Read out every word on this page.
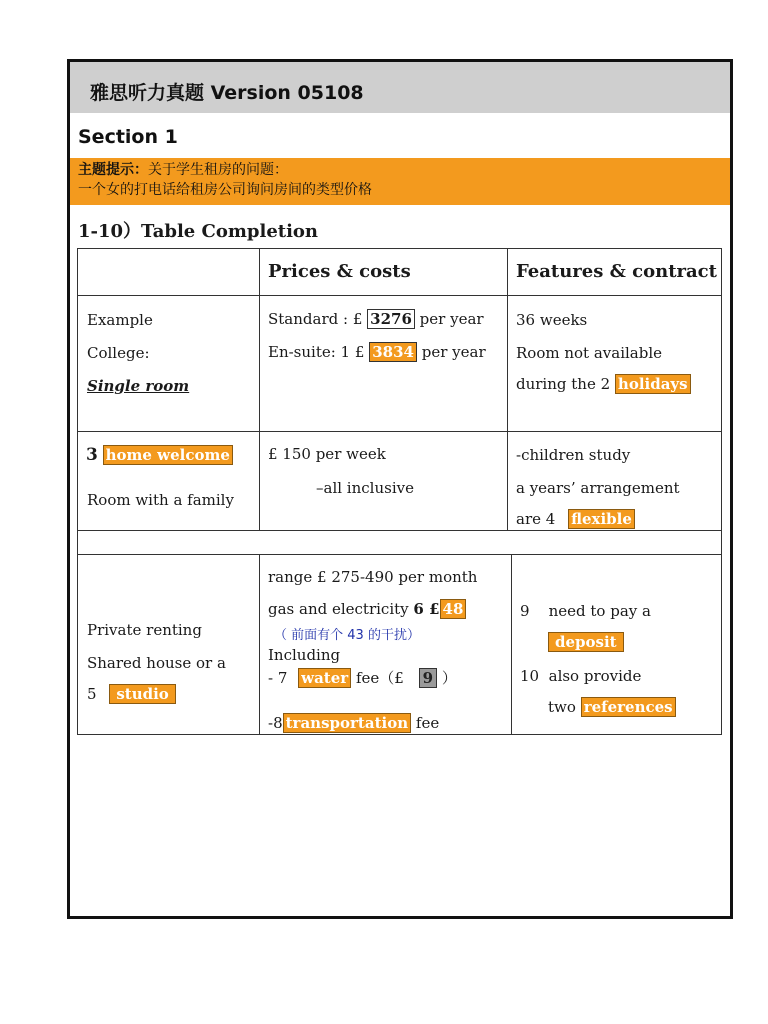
雅思听力真题 Version 05108
Section 1
主题提示：关于学生租房的问题：
一个女的打电话给租房公司询问房间的类型价格
1-10）Table Completion
Prices & costs	Features & contract
Example
College:
Single room
Standard : £ 3276 per year
En-suite: 1 £ 3834 per year
36 weeks
Room not available
during the 2 holidays
3 home welcome
Room with a family
£ 150 per week
–all inclusive
-children study
a years’ arrangement
are 4 flexible
Private renting
Shared house or a
5 studio
range £ 275-490 per month
gas and electricity 6 £ 48
（ 前面有个 43 的干扰）
Including
- 7 water fee（£ 9 ）
-8 transportation fee
9    need to pay a
deposit
10  also provide
two references
